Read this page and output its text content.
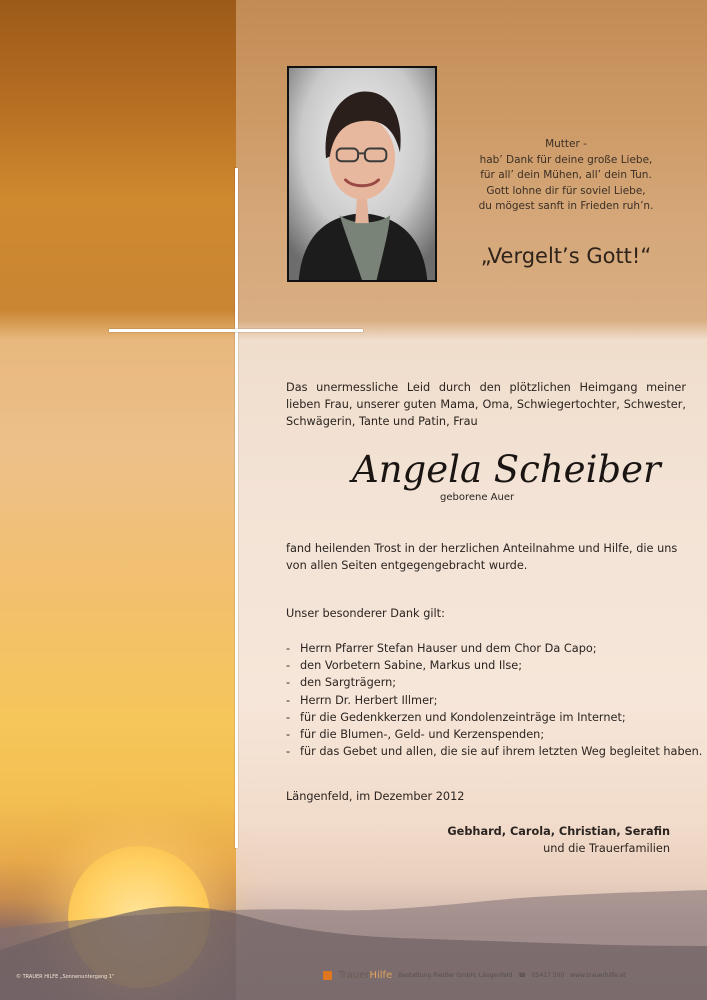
Mutter -
hab’ Dank für deine große Liebe,
für all’ dein Mühen, all’ dein Tun.
Gott lohne dir für soviel Liebe,
du mögest sanft in Frieden ruh’n.
„Vergelt’s Gott!“
Das unermessliche Leid durch den plötzlichen Heimgang meiner lieben Frau, unserer guten Mama, Oma, Schwiegertochter, Schwester, Schwägerin, Tante und Patin, Frau
Angela Scheiber
geborene Auer
fand heilenden Trost in der herzlichen Anteilnahme und Hilfe, die uns von allen Seiten entgegengebracht wurde.
Unser besonderer Dank gilt:
- Herrn Pfarrer Stefan Hauser und dem Chor Da Capo;
- den Vorbetern Sabine, Markus und Ilse;
- den Sargträgern;
- Herrn Dr. Herbert Illmer;
- für die Gedenkkerzen und Kondolenzeinträge im Internet;
- für die Blumen-, Geld- und Kerzenspenden;
- für das Gebet und allen, die sie auf ihrem letzten Weg begleitet haben.
Längenfeld, im Dezember 2012
Gebhard, Carola, Christian, Serafin
und die Trauerfamilien
© TRAUER HILFE „Sonnenuntergang 1"	TrauerHilfe Bestattung Riedler GmbH, Längenfeld ☎ 05417 500 www.trauerhilfe.at
